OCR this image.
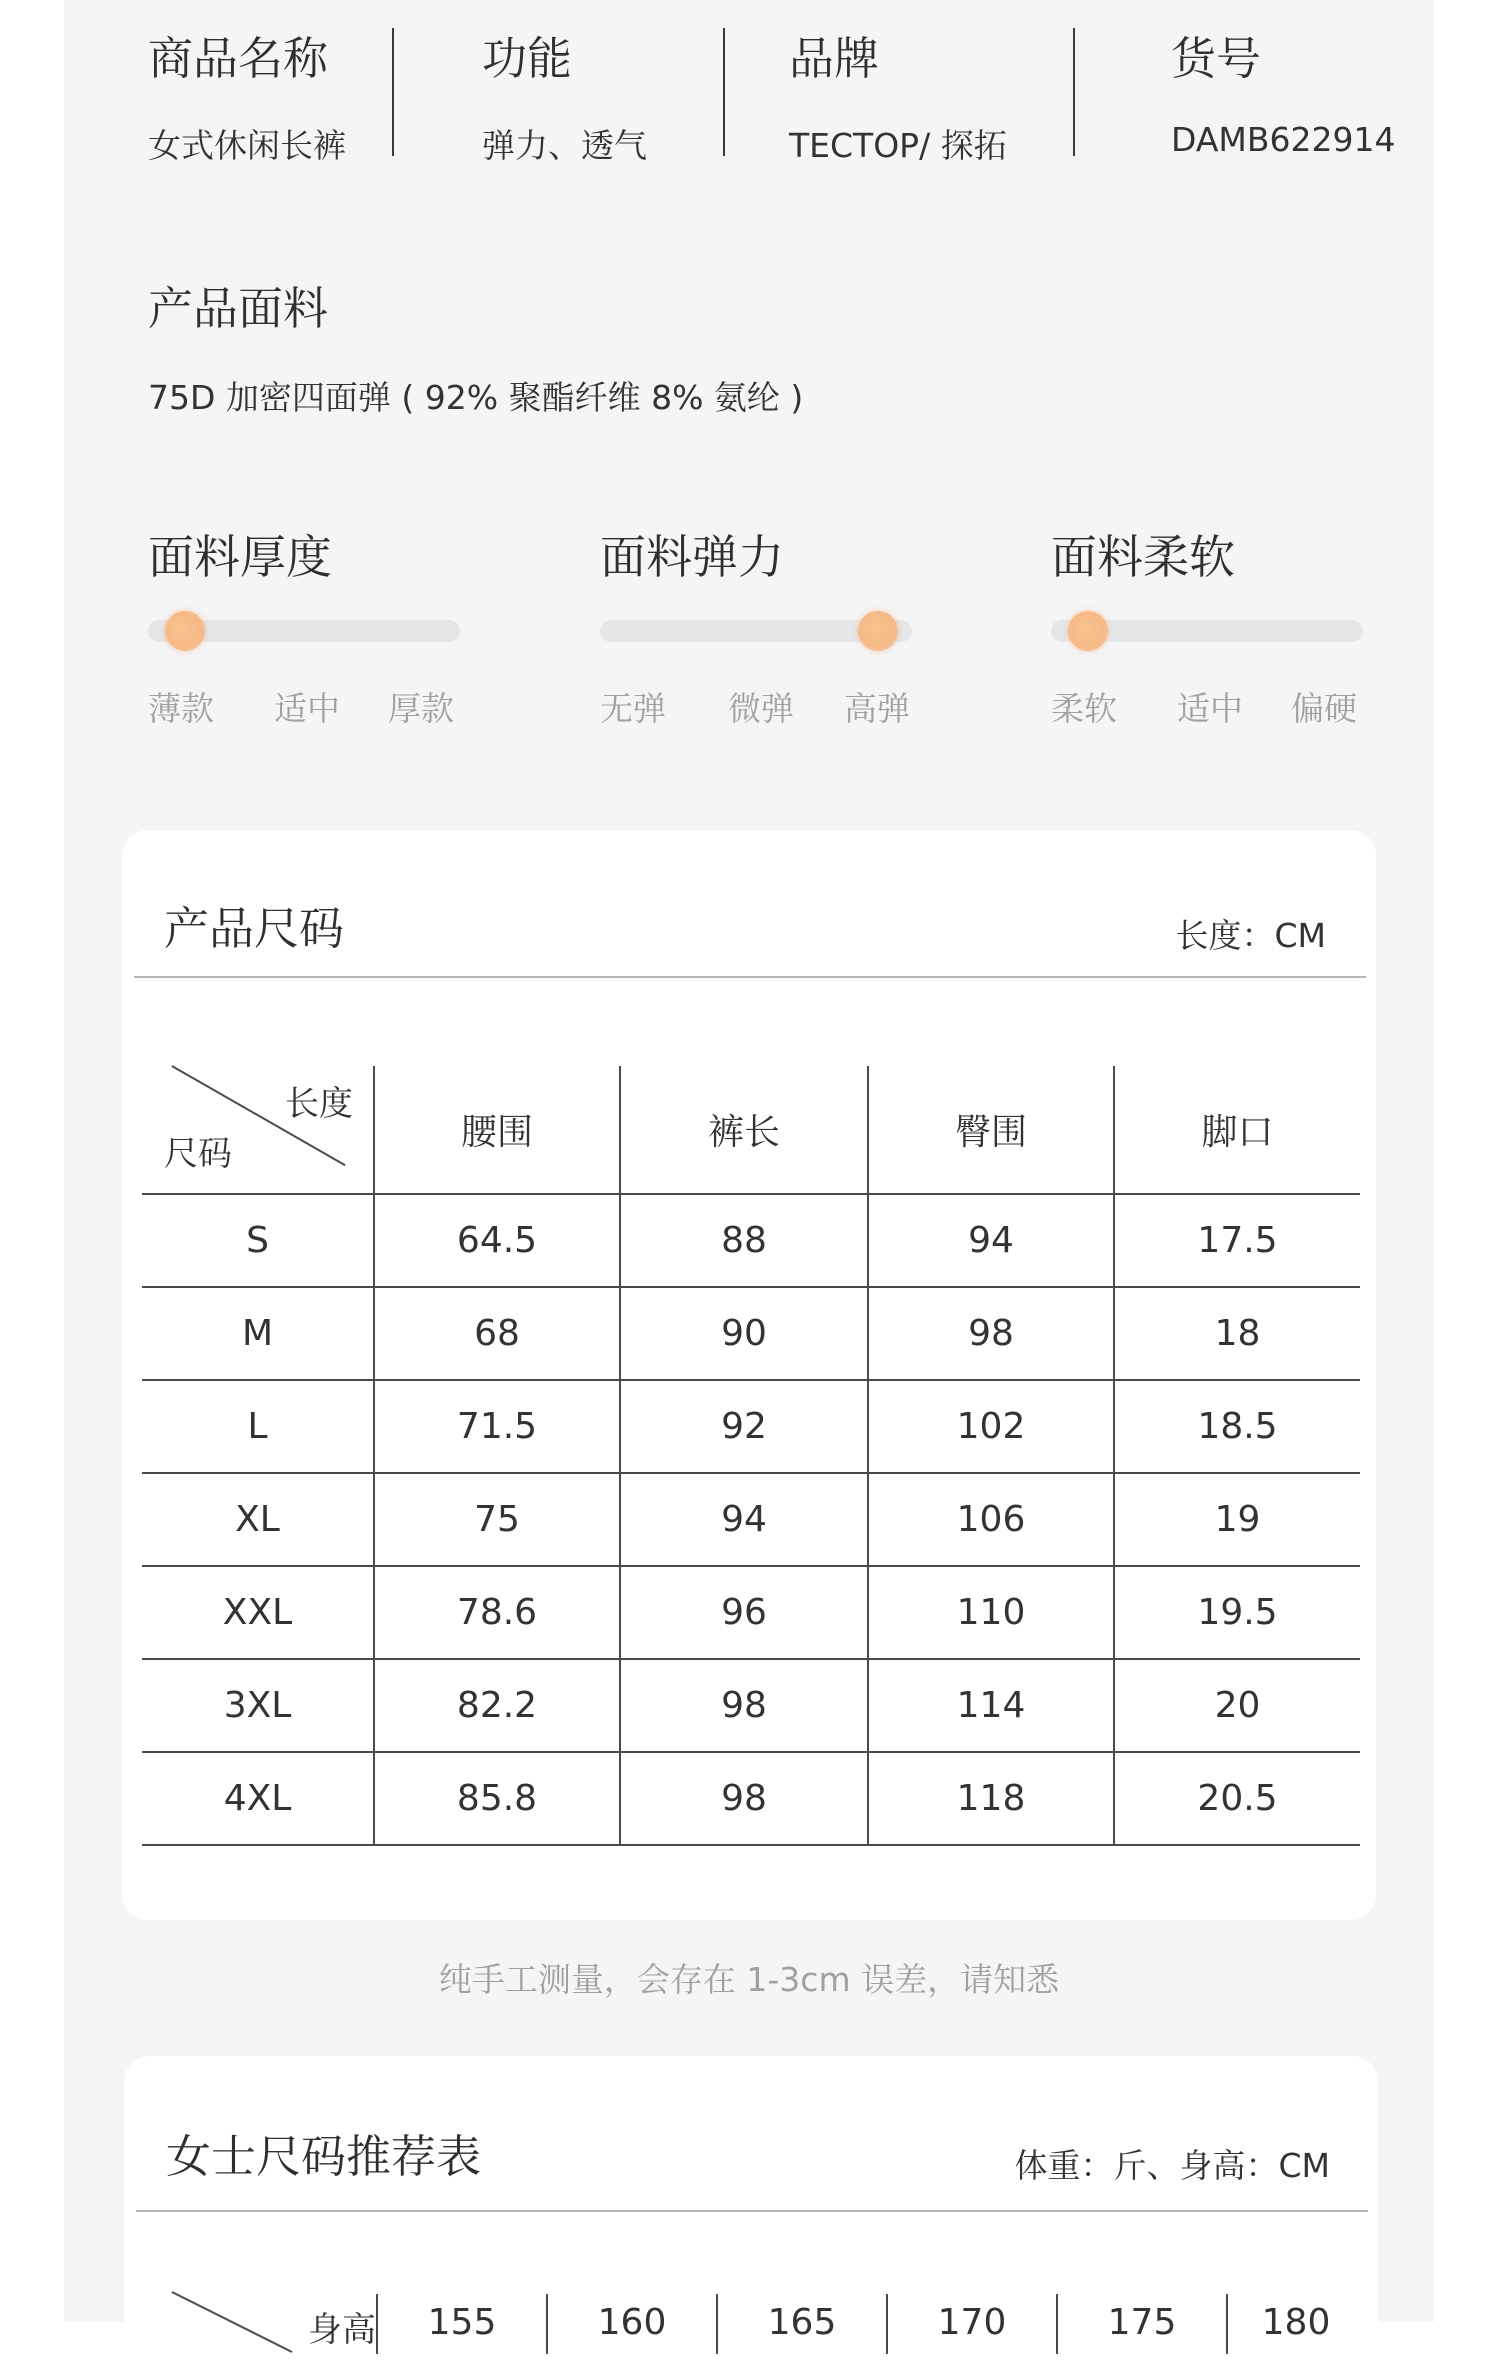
商品名称
女式休闲长裤
功能
弹力、透气
品牌
TECTOP/ 探拓
货号
DAMB622914
产品面料
75D 加密四面弹 ( 92% 聚酯纤维 8% 氨纶 )
面料厚度
薄款 适中 厚款
面料弹力
无弹 微弹 高弹
面料柔软
柔软 适中 偏硬
产品尺码	长度：CM
长度
尺码	腰围	裤长	臀围	脚口
S	64.5	88	94	17.5
M	68	90	98	18
L	71.5	92	102	18.5
XL	75	94	106	19
XXL	78.6	96	110	19.5
3XL	82.2	98	114	20
4XL	85.8	98	118	20.5
纯手工测量，会存在 1-3cm 误差，请知悉
女士尺码推荐表	体重：斤、身高：CM
身高	155	160	165	170	175	180
